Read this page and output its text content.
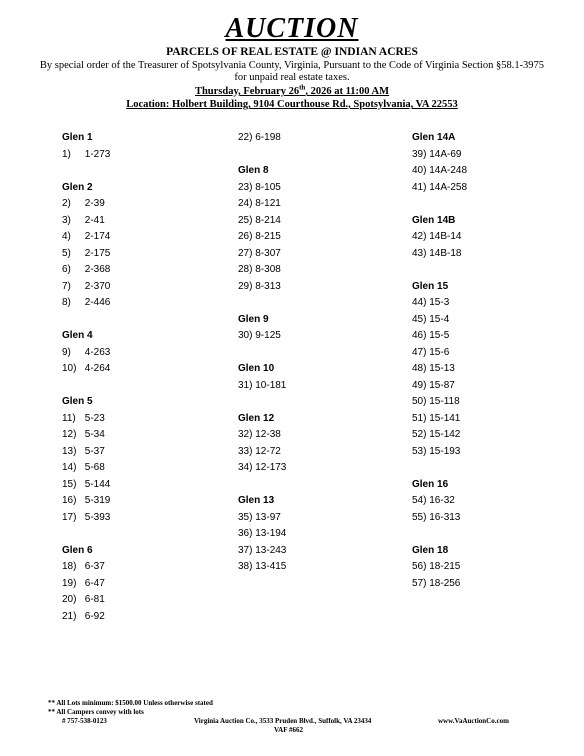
AUCTION
PARCELS OF REAL ESTATE @ INDIAN ACRES
By special order of the Treasurer of Spotsylvania County, Virginia, Pursuant to the Code of Virginia Section §58.1-3975 for unpaid real estate taxes.
Thursday, February 26th, 2026 at 11:00 AM
Location: Holbert Building, 9104 Courthouse Rd., Spotsylvania, VA 22553
Glen 1
1) 1-273
Glen 2
2) 2-39
3) 2-41
4) 2-174
5) 2-175
6) 2-368
7) 2-370
8) 2-446
Glen 4
9) 4-263
10) 4-264
Glen 5
11) 5-23
12) 5-34
13) 5-37
14) 5-68
15) 5-144
16) 5-319
17) 5-393
Glen 6
18) 6-37
19) 6-47
20) 6-81
21) 6-92
22) 6-198
Glen 8
23) 8-105
24) 8-121
25) 8-214
26) 8-215
27) 8-307
28) 8-308
29) 8-313
Glen 9
30) 9-125
Glen 10
31) 10-181
Glen 12
32) 12-38
33) 12-72
34) 12-173
Glen 13
35) 13-97
36) 13-194
37) 13-243
38) 13-415
Glen 14A
39) 14A-69
40) 14A-248
41) 14A-258
Glen 14B
42) 14B-14
43) 14B-18
Glen 15
44) 15-3
45) 15-4
46) 15-5
47) 15-6
48) 15-13
49) 15-87
50) 15-118
51) 15-141
52) 15-142
53) 15-193
Glen 16
54) 16-32
55) 16-313
Glen 18
56) 18-215
57) 18-256
** All Lots minimum: $1500.00 Unless otherwise stated
** All Campers convey with lots
# 757-538-0123	Virginia Auction Co., 3533 Pruden Blvd., Suffolk, VA 23434	www.VaAuctionCo.com
VAF #662
